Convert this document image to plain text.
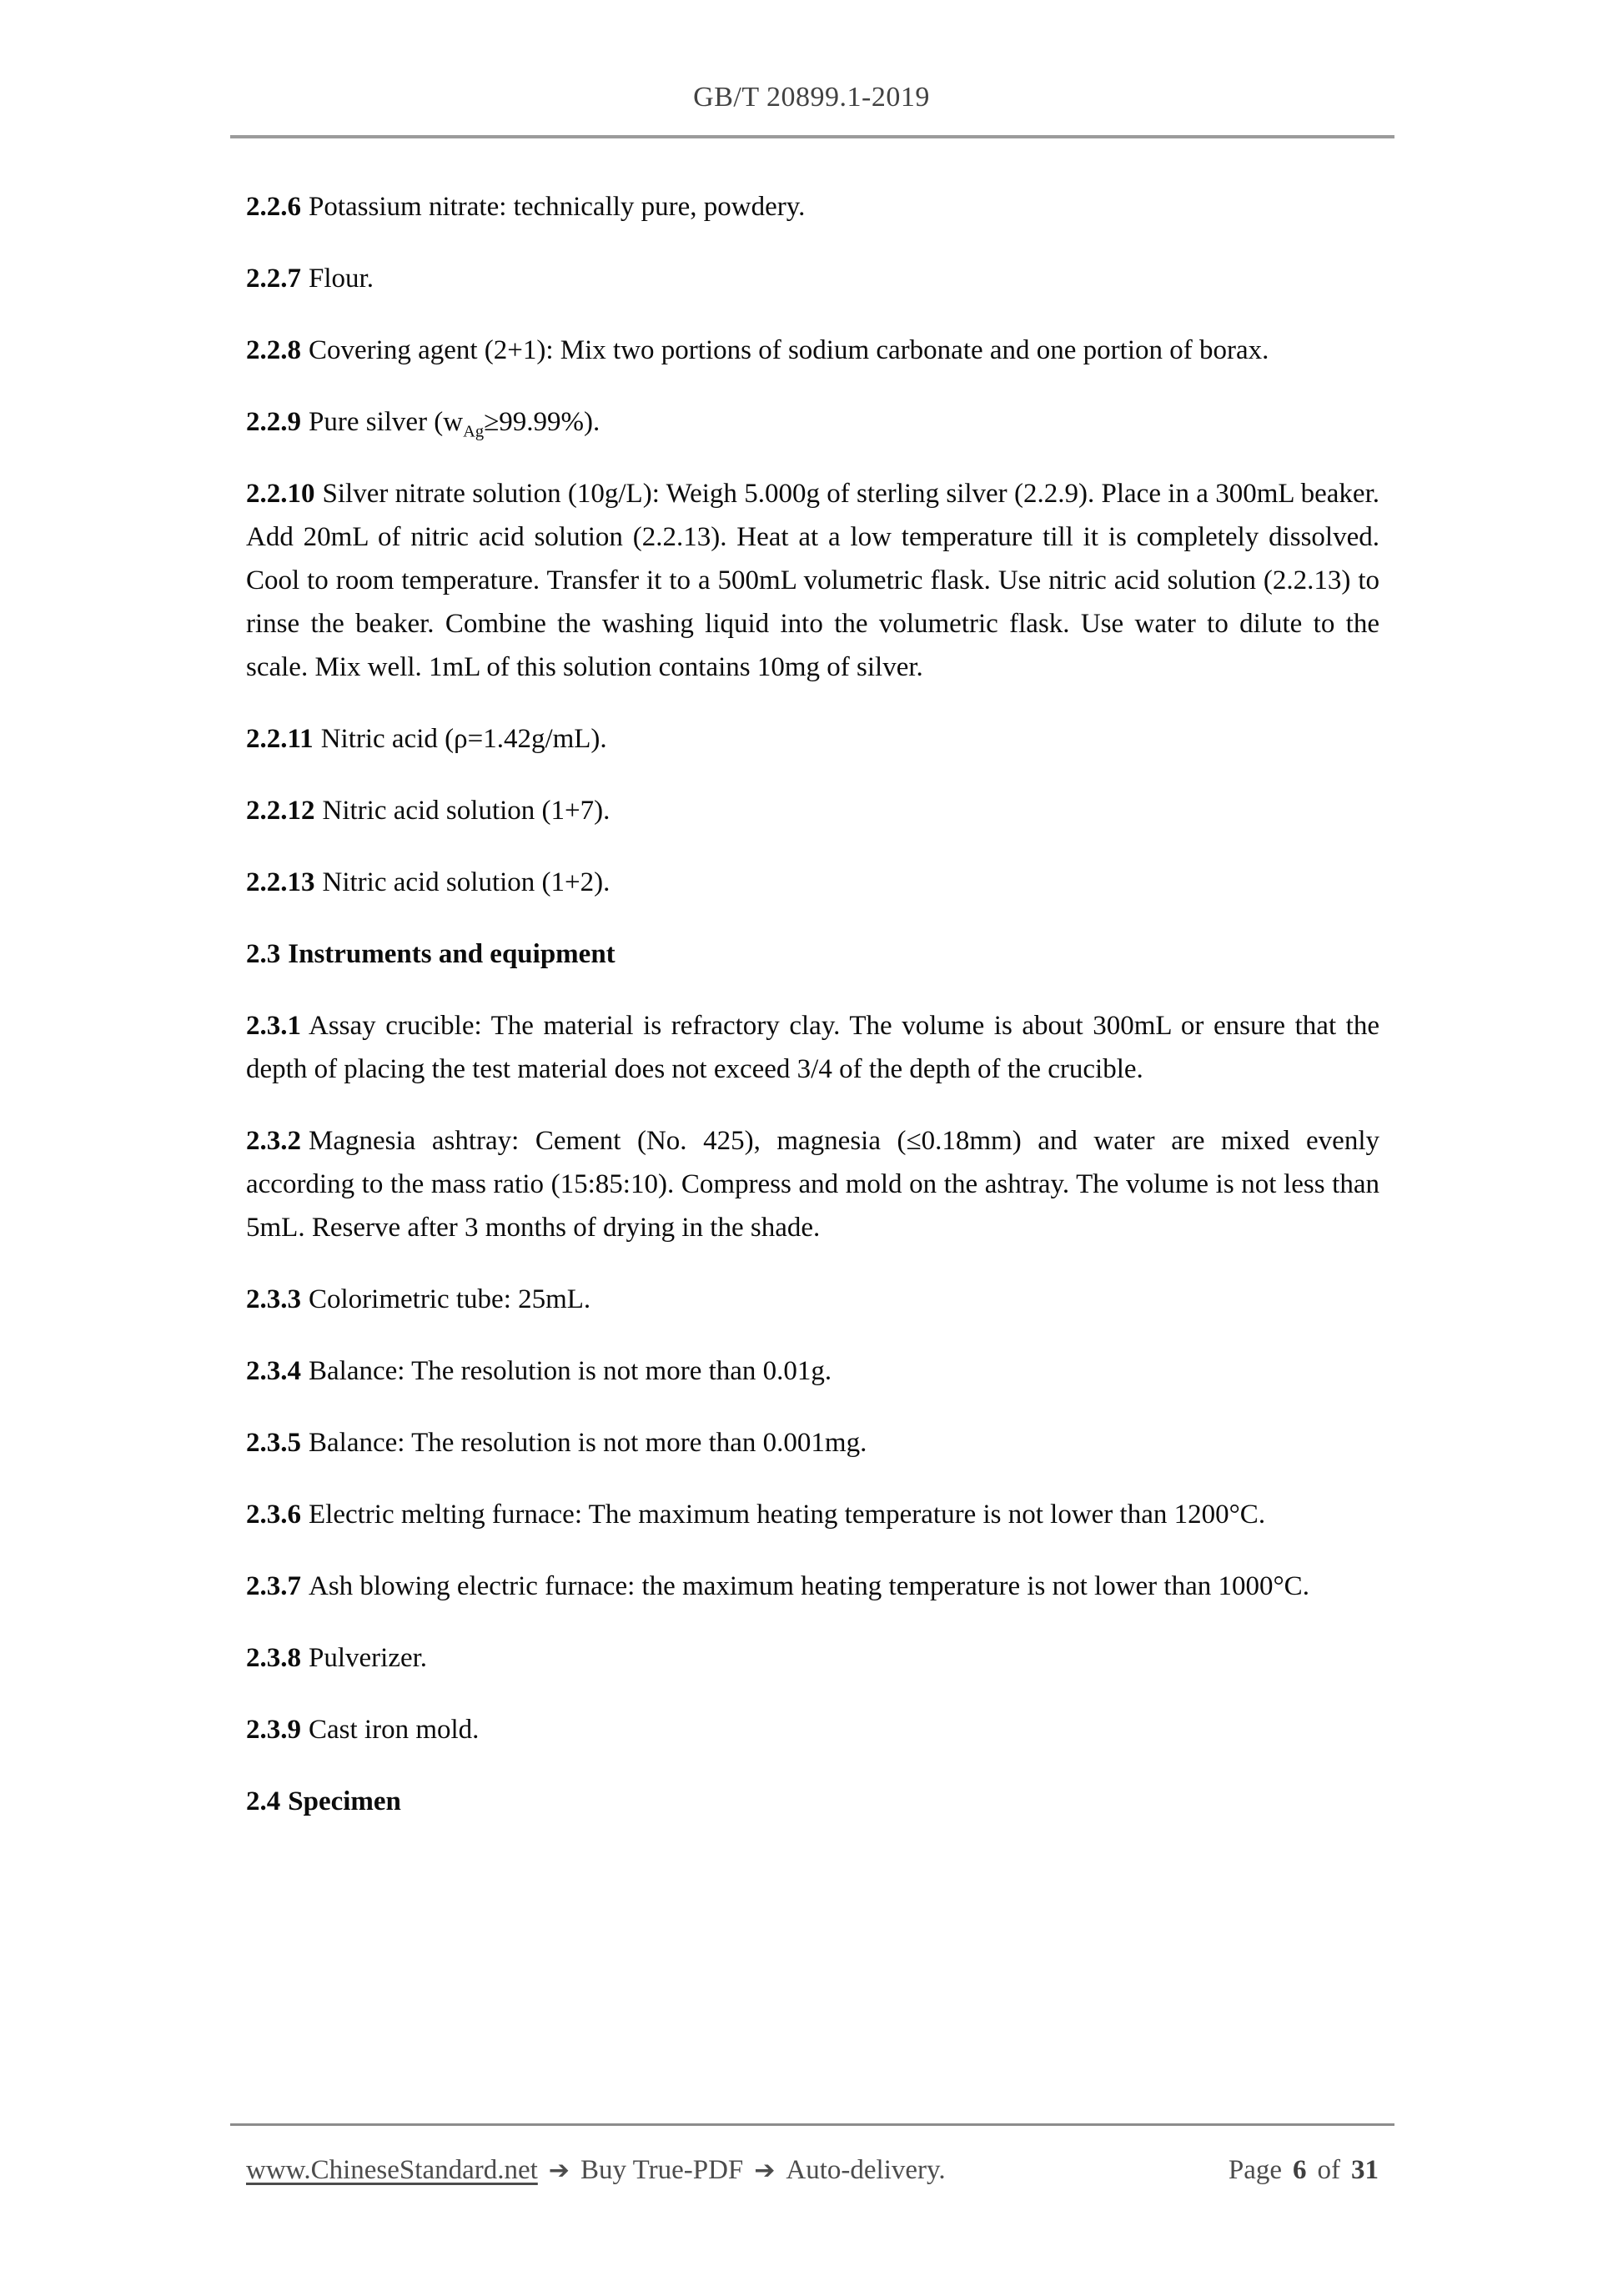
GB/T 20899.1-2019

2.2.6 Potassium nitrate: technically pure, powdery.

2.2.7 Flour.

2.2.8 Covering agent (2+1): Mix two portions of sodium carbonate and one portion of borax.

2.2.9 Pure silver $(w_{Ag}\ge 99.99\%)$.

2.2.10 Silver nitrate solution (10g/L): Weigh 5.000g of sterling silver (2.2.9). Place in a 300mL beaker. Add 20mL of nitric acid solution (2.2.13). Heat at a low temperature till it is completely dissolved. Cool to room temperature. Transfer it to a 500mL volumetric flask. Use nitric acid solution (2.2.13) to rinse the beaker. Combine the washing liquid into the volumetric flask. Use water to dilute to the scale. Mix well. 1mL of this solution contains 10mg of silver.

2.2.11 Nitric acid (ρ=1.42g/mL).

2.2.12 Nitric acid solution (1+7).

2.2.13 Nitric acid solution (1+2).

2.3 Instruments and equipment

2.3.1 Assay crucible: The material is refractory clay. The volume is about 300mL or ensure that the depth of placing the test material does not exceed 3/4 of the depth of the crucible.

2.3.2 Magnesia ashtray: Cement (No. 425), magnesia (≤0.18mm) and water are mixed evenly according to the mass ratio (15:85:10). Compress and mold on the ashtray. The volume is not less than 5mL. Reserve after 3 months of drying in the shade.

2.3.3 Colorimetric tube: 25mL.

2.3.4 Balance: The resolution is not more than 0.01g.

2.3.5 Balance: The resolution is not more than 0.001mg.

2.3.6 Electric melting furnace: The maximum heating temperature is not lower than 1200°C.

2.3.7 Ash blowing electric furnace: the maximum heating temperature is not lower than 1000°C.

2.3.8 Pulverizer.

2.3.9 Cast iron mold.

2.4 Specimen

www.ChineseStandard.net ➔ Buy True-PDF ➔ Auto-delivery.	Page 6 of 31
